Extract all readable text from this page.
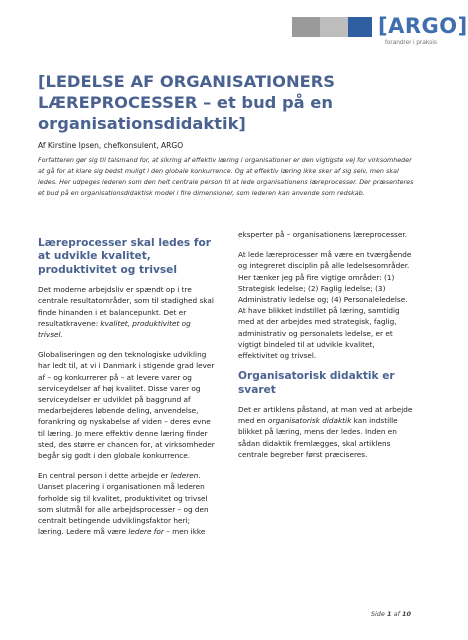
[ARGO]
forandrer i praksis
[LEDELSE AF ORGANISATIONERS LÆREPROCESSER – et bud på en organisationsdidaktik]
Af Kirstine Ipsen, chefkonsulent, ARGO

Forfatteren gør sig til talsmand for, at sikring af effektiv læring i organisationer er den vigtigste vej for virksomheder at gå for at klare sig bedst muligt i den globale konkurrence. Og at effektiv læring ikke sker af sig selv, men skal ledes. Her udpeges lederen som den helt centrale person til at lede organisationens læreprocesser. Der præsenteres et bud på en organisationsdidaktisk model i fire dimensioner, som lederen kan anvende som redskab.

Læreprocesser skal ledes for at udvikle kvalitet, produktivitet og trivsel

Det moderne arbejdsliv er spændt op i tre centrale resultatområder, som til stadighed skal finde hinanden i et balancepunkt. Det er resultatkravene: kvalitet, produktivitet og trivsel.

Globaliseringen og den teknologiske udvikling har ledt til, at vi i Danmark i stigende grad lever af – og konkurrerer på – at levere varer og serviceydelser af høj kvalitet. Disse varer og serviceydelser er udviklet på baggrund af medarbejderes løbende deling, anvendelse, forankring og nyskabelse af viden – deres evne til læring. Jo mere effektiv denne læring finder sted, des større er chancen for, at virksomheder begår sig godt i den globale konkurrence.

En central person i dette arbejde er lederen. Uanset placering i organisationen må lederen forholde sig til kvalitet, produktivitet og trivsel som slutmål for alle arbejdsprocesser – og den centralt betingende udviklingsfaktor heri; læring. Ledere må være ledere for – men ikke

eksperter på – organisationens læreprocesser.

At lede læreprocesser må være en tværgående og integreret disciplin på alle ledelsesområder. Her tænker jeg på fire vigtige områder: (1) Strategisk ledelse; (2) Faglig ledelse; (3) Administrativ ledelse og; (4) Personaleledelse. At have blikket indstillet på læring, samtidig med at der arbejdes med strategisk, faglig, administrativ og personalets ledelse, er et vigtigt bindeled til at udvikle kvalitet, effektivitet og trivsel.

Organisatorisk didaktik er svaret

Det er artiklens påstand, at man ved at arbejde med en organisatorisk didaktik kan indstille blikket på læring, mens der ledes. Inden en sådan didaktik fremlægges, skal artiklens centrale begreber først præciseres.

Side 1 af 10
